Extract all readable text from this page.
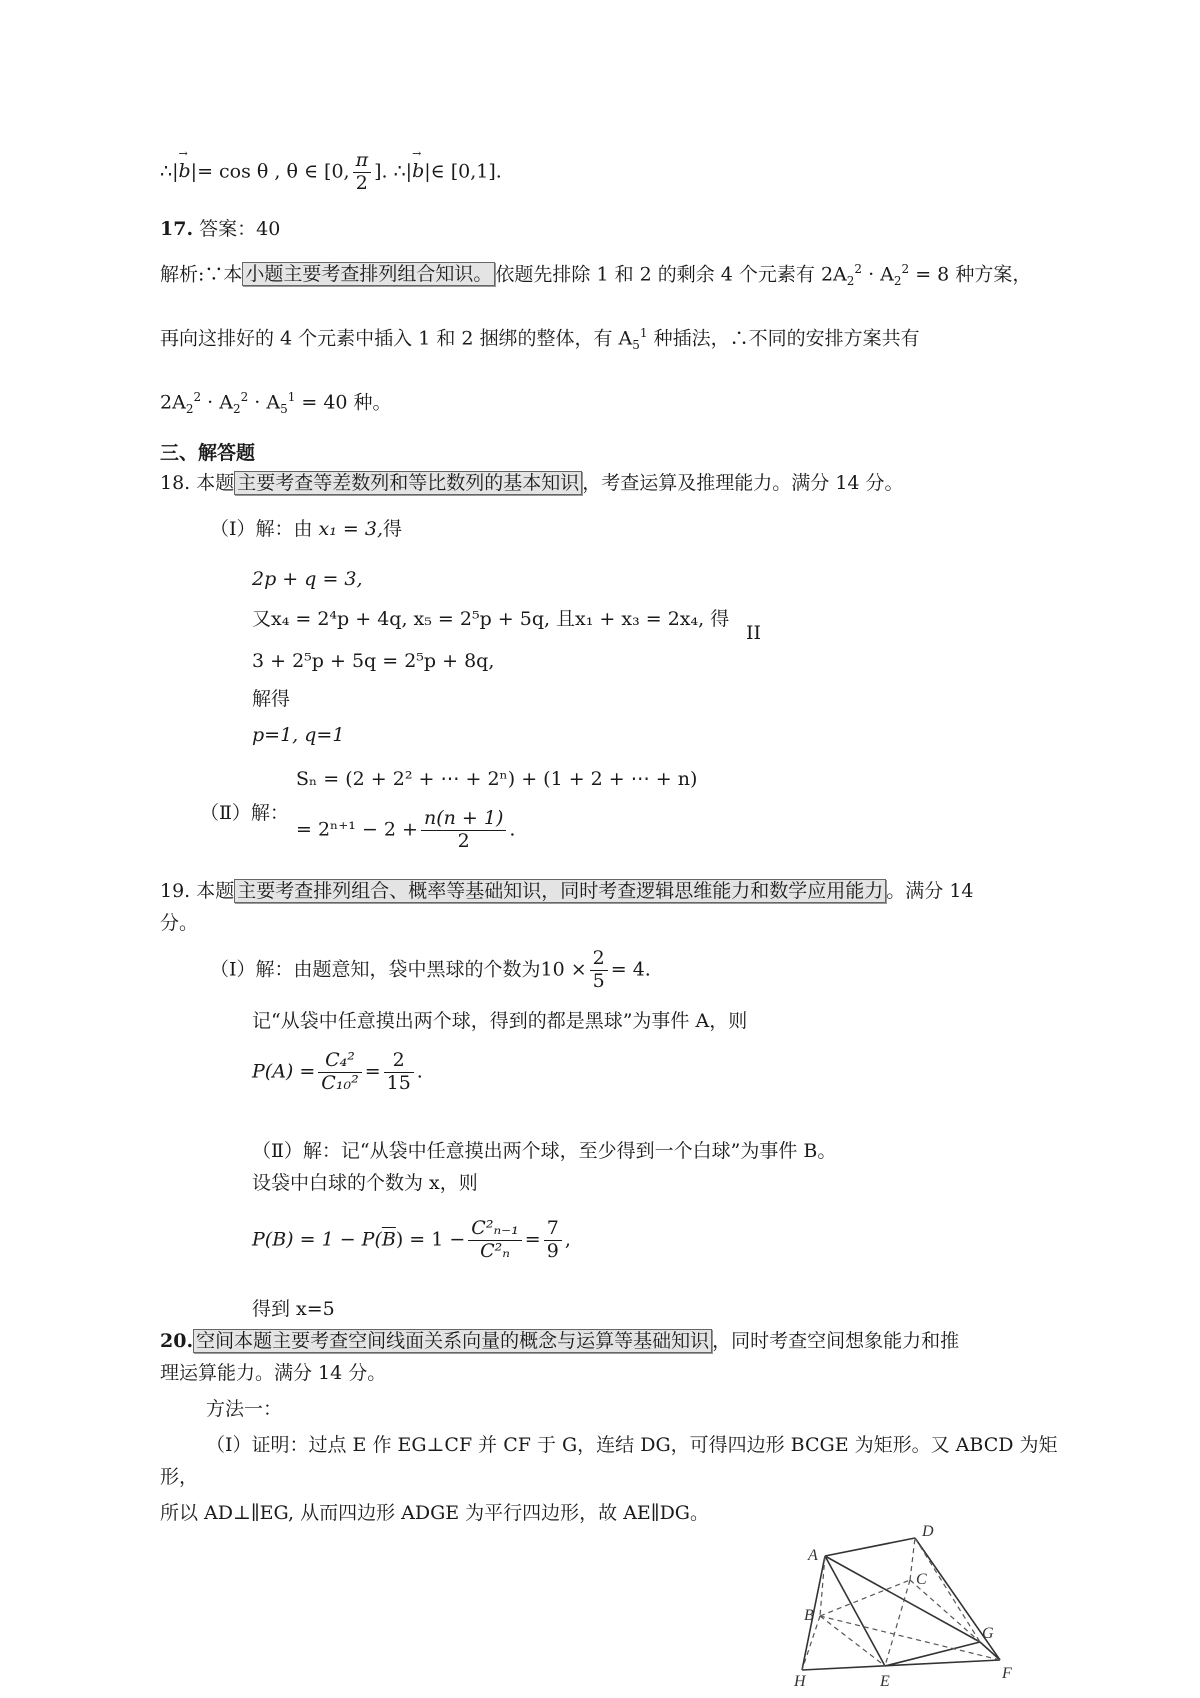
∴|→ b|= cos θ , θ ∈ [0, $\frac{\pi}{2}$ ]. ∴|→ b|∈ [0,1].
17. 答案：40
解析:∵本 小题主要考查排列组合知识。 依题先排除 1 和 2 的剩余 4 个元素有 $2A_2^2 \cdot A_2^2 = 8$ 种方案，
再向这排好的 4 个元素中插入 1 和 2 捆绑的整体，有 $A_5^1$ 种插法，∴不同的安排方案共有
$2A_2^2 \cdot A_2^2 \cdot A_5^1 = 40$ 种。
三、解答题
18. 本题 主要考查等差数列和等比数列的基本知识 ，考查运算及推理能力。满分 14 分。
（Ⅰ）解：由 x₁ = 3,得
2p + q = 3,
又x₄ = 2⁴p + 4q, x₅ = 2⁵p + 5q, 且x₁ + x₃ = 2x₄, 得
II
3 + 2⁵p + 5q = 2⁵p + 8q,
解得
p=1, q=1
Sₙ = (2 + 2² + ⋯ + 2ⁿ) + (1 + 2 + ⋯ + n)
（Ⅱ）解：
= $2^{n+1} - 2 + \frac{n(n + 1)}{2}$ .
19. 本题 主要考查排列组合、概率等基础知识，同时考查逻辑思维能力和数学应用能力 。满分 14
分。
（Ⅰ）解：由题意知，袋中黑球的个数为$10 \times \frac{2}{5} = 4$.
记“从袋中任意摸出两个球，得到的都是黑球”为事件 A，则
$P(A) = \frac{\text{C₄²}}{\text{C₁₀²}} = \frac{2}{15}$ .
（Ⅱ）解：记“从袋中任意摸出两个球，至少得到一个白球”为事件 B。
设袋中白球的个数为 x，则
$P(B) = 1 - P(\overline{B}) = 1 - \frac{\text{C²ₙ₋₁}}{\text{C²ₙ}} = \frac{7}{9}$ ,
得到 x=5
20. 空间本题主要考查空间线面关系向量的概念与运算等基础知识 ，同时考查空间想象能力和推
理运算能力。满分 14 分。
方法一：
（Ⅰ）证明：过点 E 作 EG⊥CF 并 CF 于 G，连结 DG，可得四边形 BCGE 为矩形。又 ABCD 为矩
形，
所以 AD⊥∥EG, 从而四边形 ADGE 为平行四边形，故 AE∥DG。
D
A
C
B
G
H	E	F
